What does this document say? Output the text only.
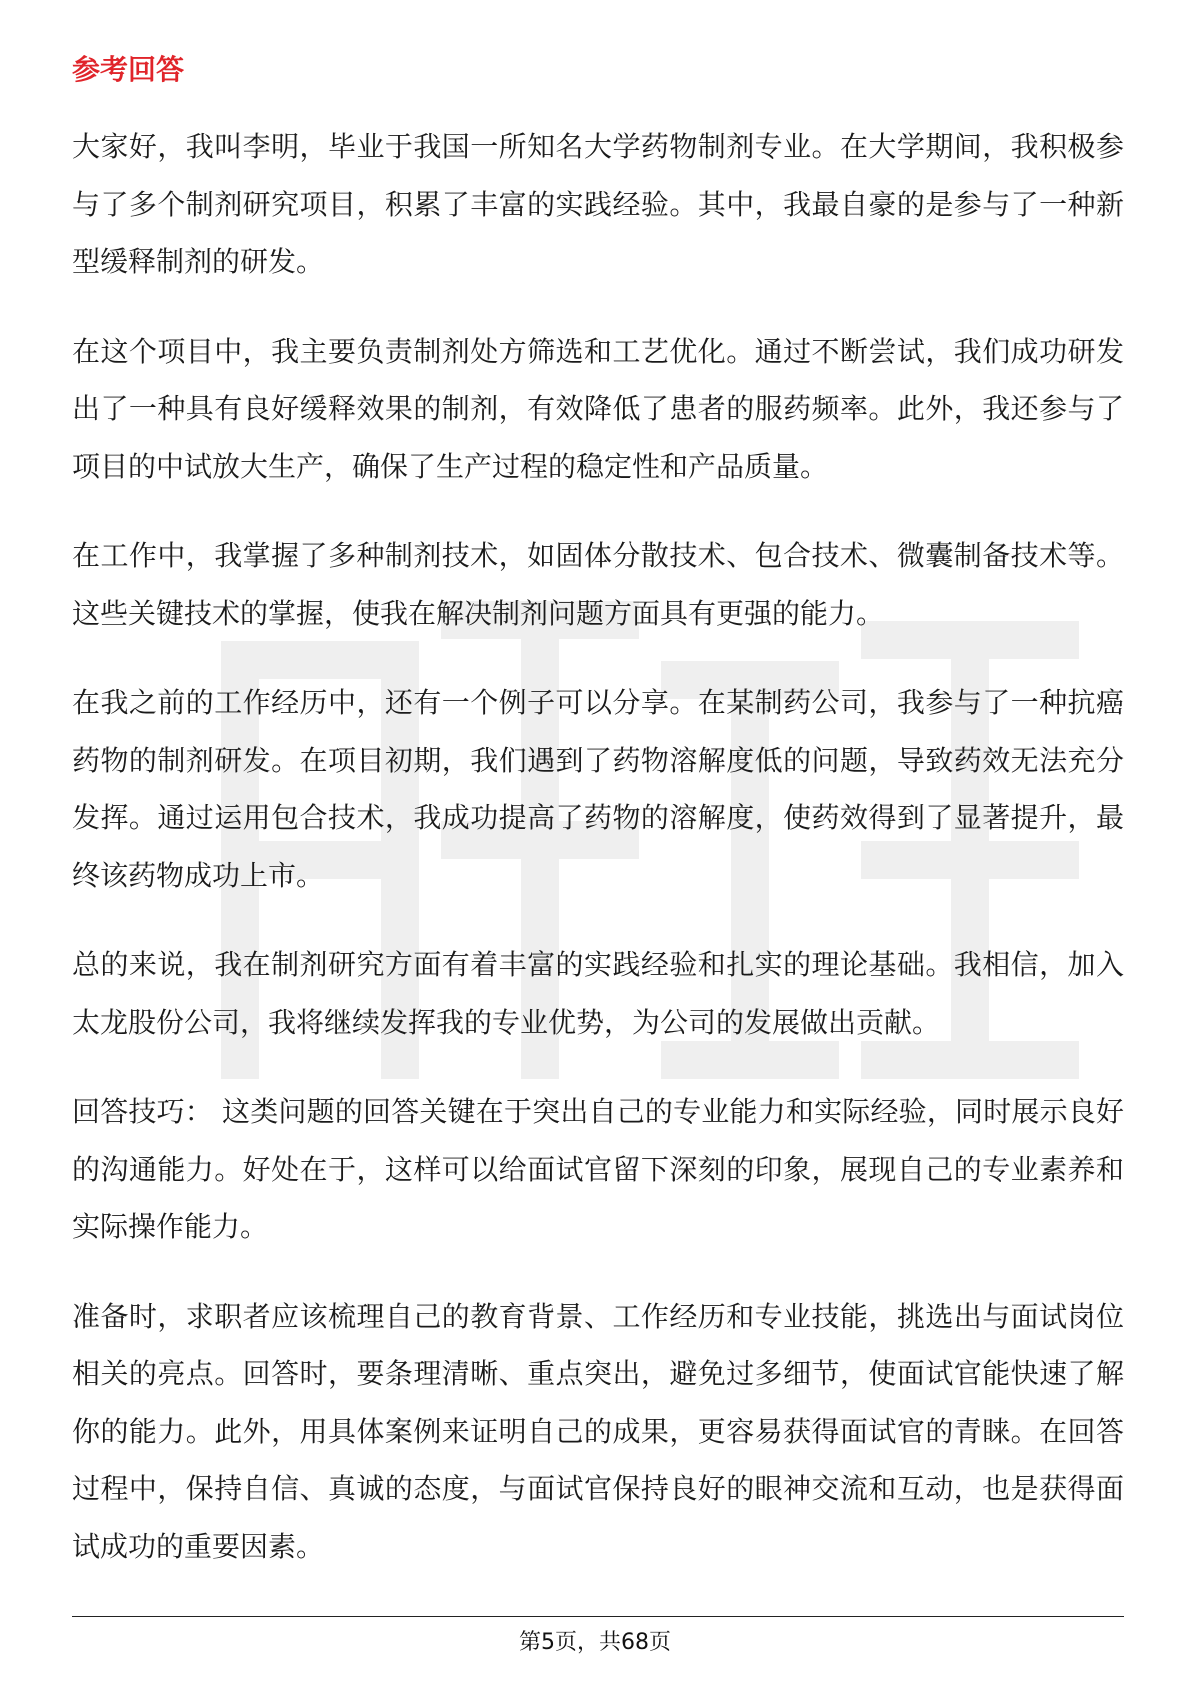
参考回答

大家好，我叫李明，毕业于我国一所知名大学药物制剂专业。在大学期间，我积极参与了多个制剂研究项目，积累了丰富的实践经验。其中，我最自豪的是参与了一种新型缓释制剂的研发。

在这个项目中，我主要负责制剂处方筛选和工艺优化。通过不断尝试，我们成功研发出了一种具有良好缓释效果的制剂，有效降低了患者的服药频率。此外，我还参与了项目的中试放大生产，确保了生产过程的稳定性和产品质量。

在工作中，我掌握了多种制剂技术，如固体分散技术、包合技术、微囊制备技术等。这些关键技术的掌握，使我在解决制剂问题方面具有更强的能力。

在我之前的工作经历中，还有一个例子可以分享。在某制药公司，我参与了一种抗癌药物的制剂研发。在项目初期，我们遇到了药物溶解度低的问题，导致药效无法充分发挥。通过运用包合技术，我成功提高了药物的溶解度，使药效得到了显著提升，最终该药物成功上市。

总的来说，我在制剂研究方面有着丰富的实践经验和扎实的理论基础。我相信，加入太龙股份公司，我将继续发挥我的专业优势，为公司的发展做出贡献。

回答技巧： 这类问题的回答关键在于突出自己的专业能力和实际经验，同时展示良好的沟通能力。好处在于，这样可以给面试官留下深刻的印象，展现自己的专业素养和实际操作能力。

准备时，求职者应该梳理自己的教育背景、工作经历和专业技能，挑选出与面试岗位相关的亮点。回答时，要条理清晰、重点突出，避免过多细节，使面试官能快速了解你的能力。此外，用具体案例来证明自己的成果，更容易获得面试官的青睐。在回答过程中，保持自信、真诚的态度，与面试官保持良好的眼神交流和互动，也是获得面试成功的重要因素。

第5页，共68页
